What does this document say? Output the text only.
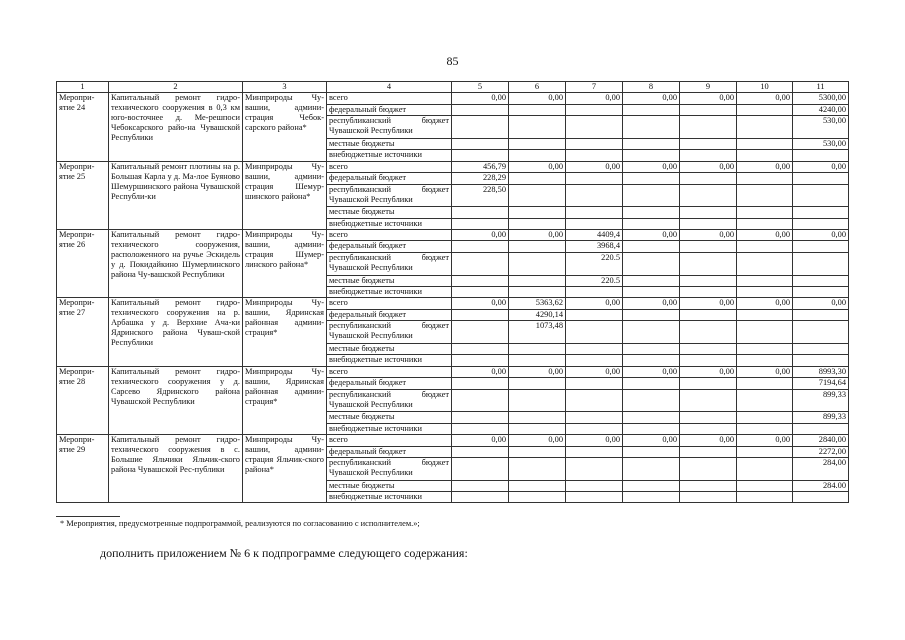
85
1	2	3	4	5	6	7	8	9	10	11
Меропри-ятие 24	Капитальный ремонт гидро-технического сооружения в 0,3 км юго-восточнее д. Ме-решпоси Чебоксарского райо-на Чувашской Республики	Минприроды Чу-вашии, админи-страция Чебок-сарского района*	всего	0,00	0,00	0,00	0,00	0,00	0,00	5300,00
			федеральный бюджет							4240,00
			республиканский бюджет Чувашской Республики							530,00

			местные бюджеты							530,00
			внебюджетные источники							
Меропри-ятие 25	Капитальный ремонт плотины на р. Большая Карла у д. Ма-лое Буяново Шемуршинского района Чувашской Республи-ки	Минприроды Чу-вашии, админи-страция Шемур-шинского района*	всего	456,79	0,00	0,00	0,00	0,00	0,00	0,00
			федеральный бюджет	228,29						
			республиканский бюджет Чувашской Республики	228,50						

			местные бюджеты							
			внебюджетные источники							
Меропри-ятие 26	Капитальный ремонт гидро-технического сооружения, расположенного на ручье Эскидель у д. Покидайкино Шумерлинского района Чу-вашской Республики	Минприроды Чу-вашии, админи-страция Шумер-линского района*	всего	0,00	0,00	4409,4	0,00	0,00	0,00	0,00
			федеральный бюджет			3968,4				
			республиканский бюджет Чувашской Республики			220.5				

			местные бюджеты			220.5				
			внебюджетные источники							
Меропри-ятие 27	Капитальный ремонт гидро-технического сооружения на р. Арбашка у д. Верхние Ача-ки Ядринского района Чуваш-ской Республики	Минприроды Чу-вашии, Ядринская районная админи-страция*	всего	0,00	5363,62	0,00	0,00	0,00	0,00	0,00
			федеральный бюджет		4290,14					
			республиканский бюджет Чувашской Республики		1073,48					

			местные бюджеты							
			внебюджетные источники							
Меропри-ятие 28	Капитальный ремонт гидро-технического сооружения у д. Сарсево Ядринского района Чувашской Республики	Минприроды Чу-вашии, Ядринская районная админи-страция*	всего	0,00	0,00	0,00	0,00	0,00	0,00	8993,30
			федеральный бюджет							7194,64
			республиканский бюджет Чувашской Республики							899,33

			местные бюджеты							899,33
			внебюджетные источники							
Меропри-ятие 29	Капитальный ремонт гидро-технического сооружения в с. Большие Яльчики Яльчик-ского района Чувашской Рес-публики	Минприроды Чу-вашии, админи-страция Яльчик-ского района*	всего	0,00	0,00	0,00	0,00	0,00	0,00	2840,00
			федеральный бюджет							2272,00
			республиканский бюджет Чувашской Республики							284,00

			местные бюджеты							284.00
			внебюджетные источники							
* Мероприятия, предусмотренные подпрограммой, реализуются по согласованию с исполнителем.»;
дополнить приложением № 6 к подпрограмме следующего содержания:
